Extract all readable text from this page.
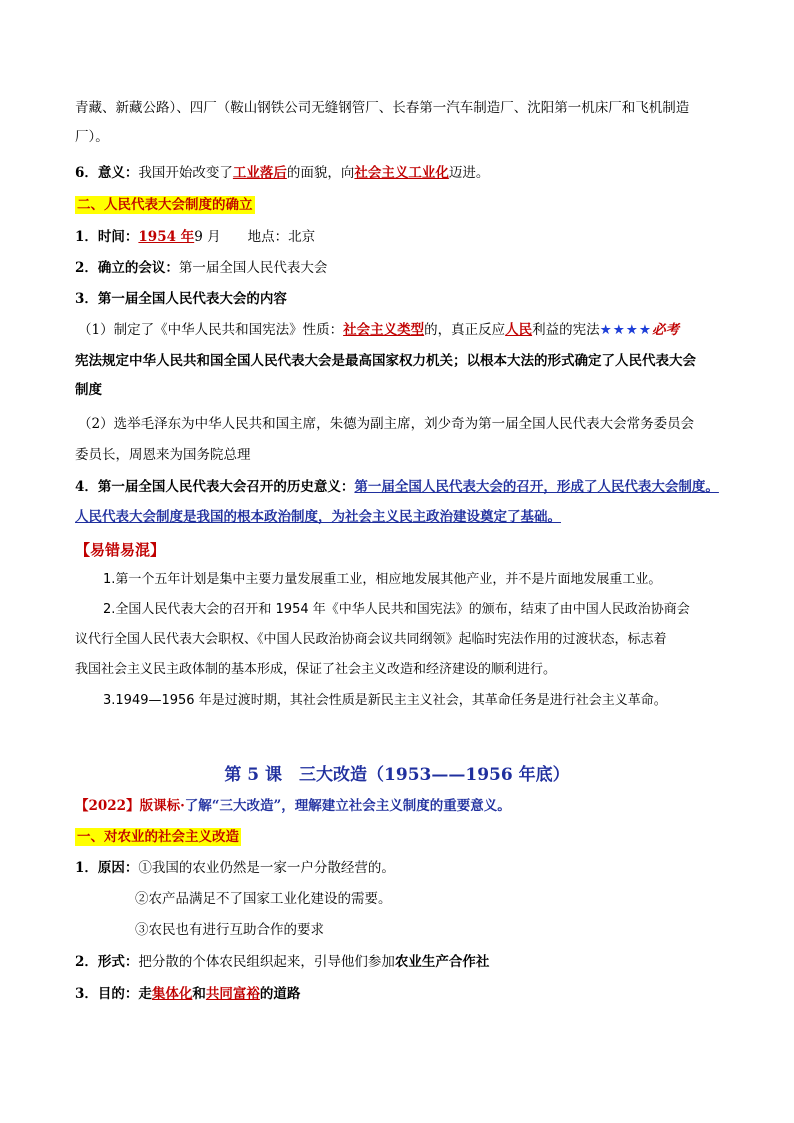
青藏、新藏公路）、四厂（鞍山钢铁公司无缝钢管厂、长春第一汽车制造厂、沈阳第一机床厂和飞机制造
厂）。
6．意义：我国开始改变了工业落后的面貌，向社会主义工业化迈进。
二、人民代表大会制度的确立
1．时间：1954 年9 月   地点：北京
2．确立的会议：第一届全国人民代表大会
3．第一届全国人民代表大会的内容
（1）制定了《中华人民共和国宪法》性质：社会主义类型的，真正反应人民利益的宪法★★★★必考
宪法规定中华人民共和国全国人民代表大会是最高国家权力机关；以根本大法的形式确定了人民代表大会
制度
（2）选举毛泽东为中华人民共和国主席，朱德为副主席，刘少奇为第一届全国人民代表大会常务委员会
委员长，周恩来为国务院总理
4．第一届全国人民代表大会召开的历史意义：第一届全国人民代表大会的召开，形成了人民代表大会制度。
人民代表大会制度是我国的根本政治制度，为社会主义民主政治建设奠定了基础。
【易错易混】
1.第一个五年计划是集中主要力量发展重工业，相应地发展其他产业，并不是片面地发展重工业。
2.全国人民代表大会的召开和 1954 年《中华人民共和国宪法》的颁布，结束了由中国人民政治协商会
议代行全国人民代表大会职权、《中国人民政治协商会议共同纲领》起临时宪法作用的过渡状态，标志着
我国社会主义民主政体制的基本形成，保证了社会主义改造和经济建设的顺利进行。
3.1949—1956 年是过渡时期，其社会性质是新民主主义社会，其革命任务是进行社会主义革命。
第 5 课　三大改造（1953——1956 年底）
【2022】版课标·了解“三大改造”，理解建立社会主义制度的重要意义。
一、对农业的社会主义改造
1．原因：①我国的农业仍然是一家一户分散经营的。
②农产品满足不了国家工业化建设的需要。
③农民也有进行互助合作的要求
2．形式：把分散的个体农民组织起来，引导他们参加农业生产合作社
3．目的：走集体化和共同富裕的道路
